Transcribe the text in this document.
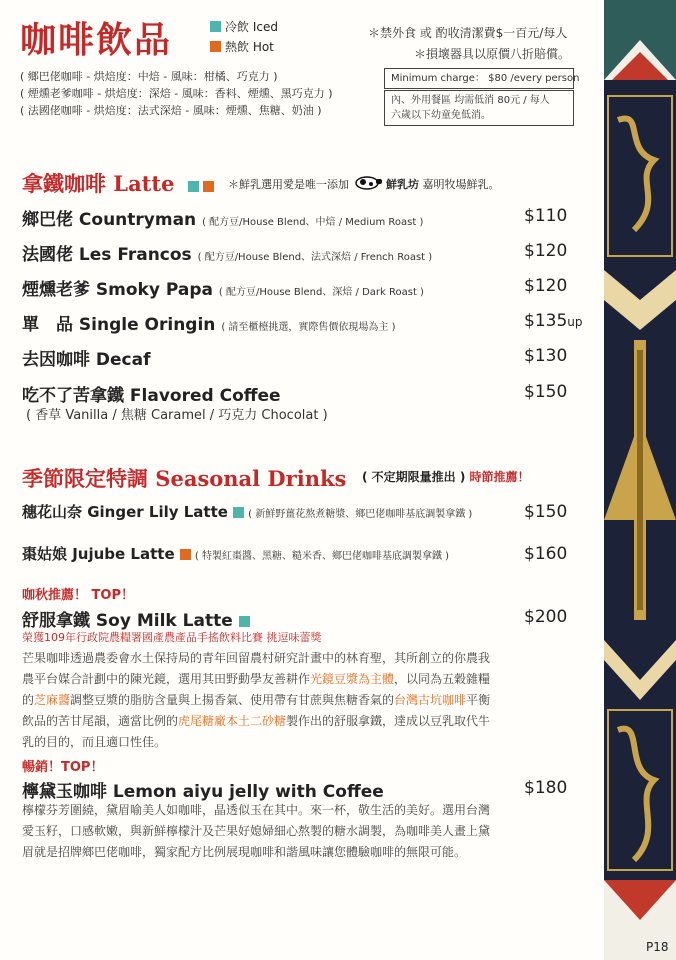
咖啡飲品	冷飲 Iced
熱飲 Hot
＊禁外食 或 酌收清潔費$一百元/每人
＊損壞器具以原價八折賠償。
( 鄉巴佬咖啡 - 烘焙度：中焙 - 風味：柑橘、巧克力 )
( 煙燻老爹咖啡 - 烘焙度：深焙 - 風味：香料、煙燻、黑巧克力 )
( 法國佬咖啡 - 烘焙度：法式深焙 - 風味：煙燻、焦糖、奶油 )
Minimum charge： $80 /every person
內、外用餐區 均需低消 80元 / 每人
六歲以下幼童免低消。
拿鐵咖啡 Latte	＊鮮乳選用愛是唯一添加	鮮乳坊 嘉明牧場鮮乳。
鄉巴佬 Countryman ( 配方豆/House Blend、中焙 / Medium Roast )	$110
法國佬 Les Francos ( 配方豆/House Blend、法式深焙 / French Roast )	$120
煙燻老爹 Smoky Papa ( 配方豆/House Blend、深焙 / Dark Roast )	$120
單　品 Single Oringin ( 請至櫃檯挑選，實際售價依現場為主 )	$135up
去因咖啡 Decaf	$130
吃不了苦拿鐵 Flavored Coffee	$150
( 香草 Vanilla / 焦糖 Caramel / 巧克力 Chocolat )
季節限定特調 Seasonal Drinks ( 不定期限量推出 ) 時節推薦！
穗花山奈 Ginger Lily Latte ( 新鮮野薑花熬煮糖漿、鄉巴佬咖啡基底調製拿鐵 )	$150
棗姑娘 Jujube Latte ( 特製紅棗醬、黑糖、糙米香、鄉巴佬咖啡基底調製拿鐵 )	$160
咖秋推薦！ TOP！
舒服拿鐵 Soy Milk Latte	$200
榮獲109年行政院農糧署國產農產品手搖飲料比賽 挑逗味蕾獎
芒果咖啡透過農委會水土保持局的青年回留農村研究計畫中的林育聖，其所創立的你農我農平台媒合計劃中的陳光鏡，選用其田野動學友善耕作光鏡豆漿為主體，以同為五穀雜糧的芝麻醬調整豆漿的脂肪含量與上揚香氣、使用帶有甘蔗與焦糖香氣的台灣古坑咖啡平衡飲品的苦甘尾韻，適當比例的虎尾糖廠本土二砂糖製作出的舒服拿鐵，達成以豆乳取代牛乳的目的，而且適口性佳。
暢銷！TOP！
檸黛玉咖啡 Lemon aiyu jelly with Coffee	$180
檸檬芬芳圍繞，黛眉喻美人如咖啡，晶透似玉在其中。來一杯，敬生活的美好。選用台灣愛玉籽，口感軟嫩，與新鮮檸檬汁及芒果好媳婦細心熬製的糖水調製，為咖啡美人畫上黛眉就是招牌鄉巴佬咖啡，獨家配方比例展現咖啡和諧風味讓您體驗咖啡的無限可能。
P18
